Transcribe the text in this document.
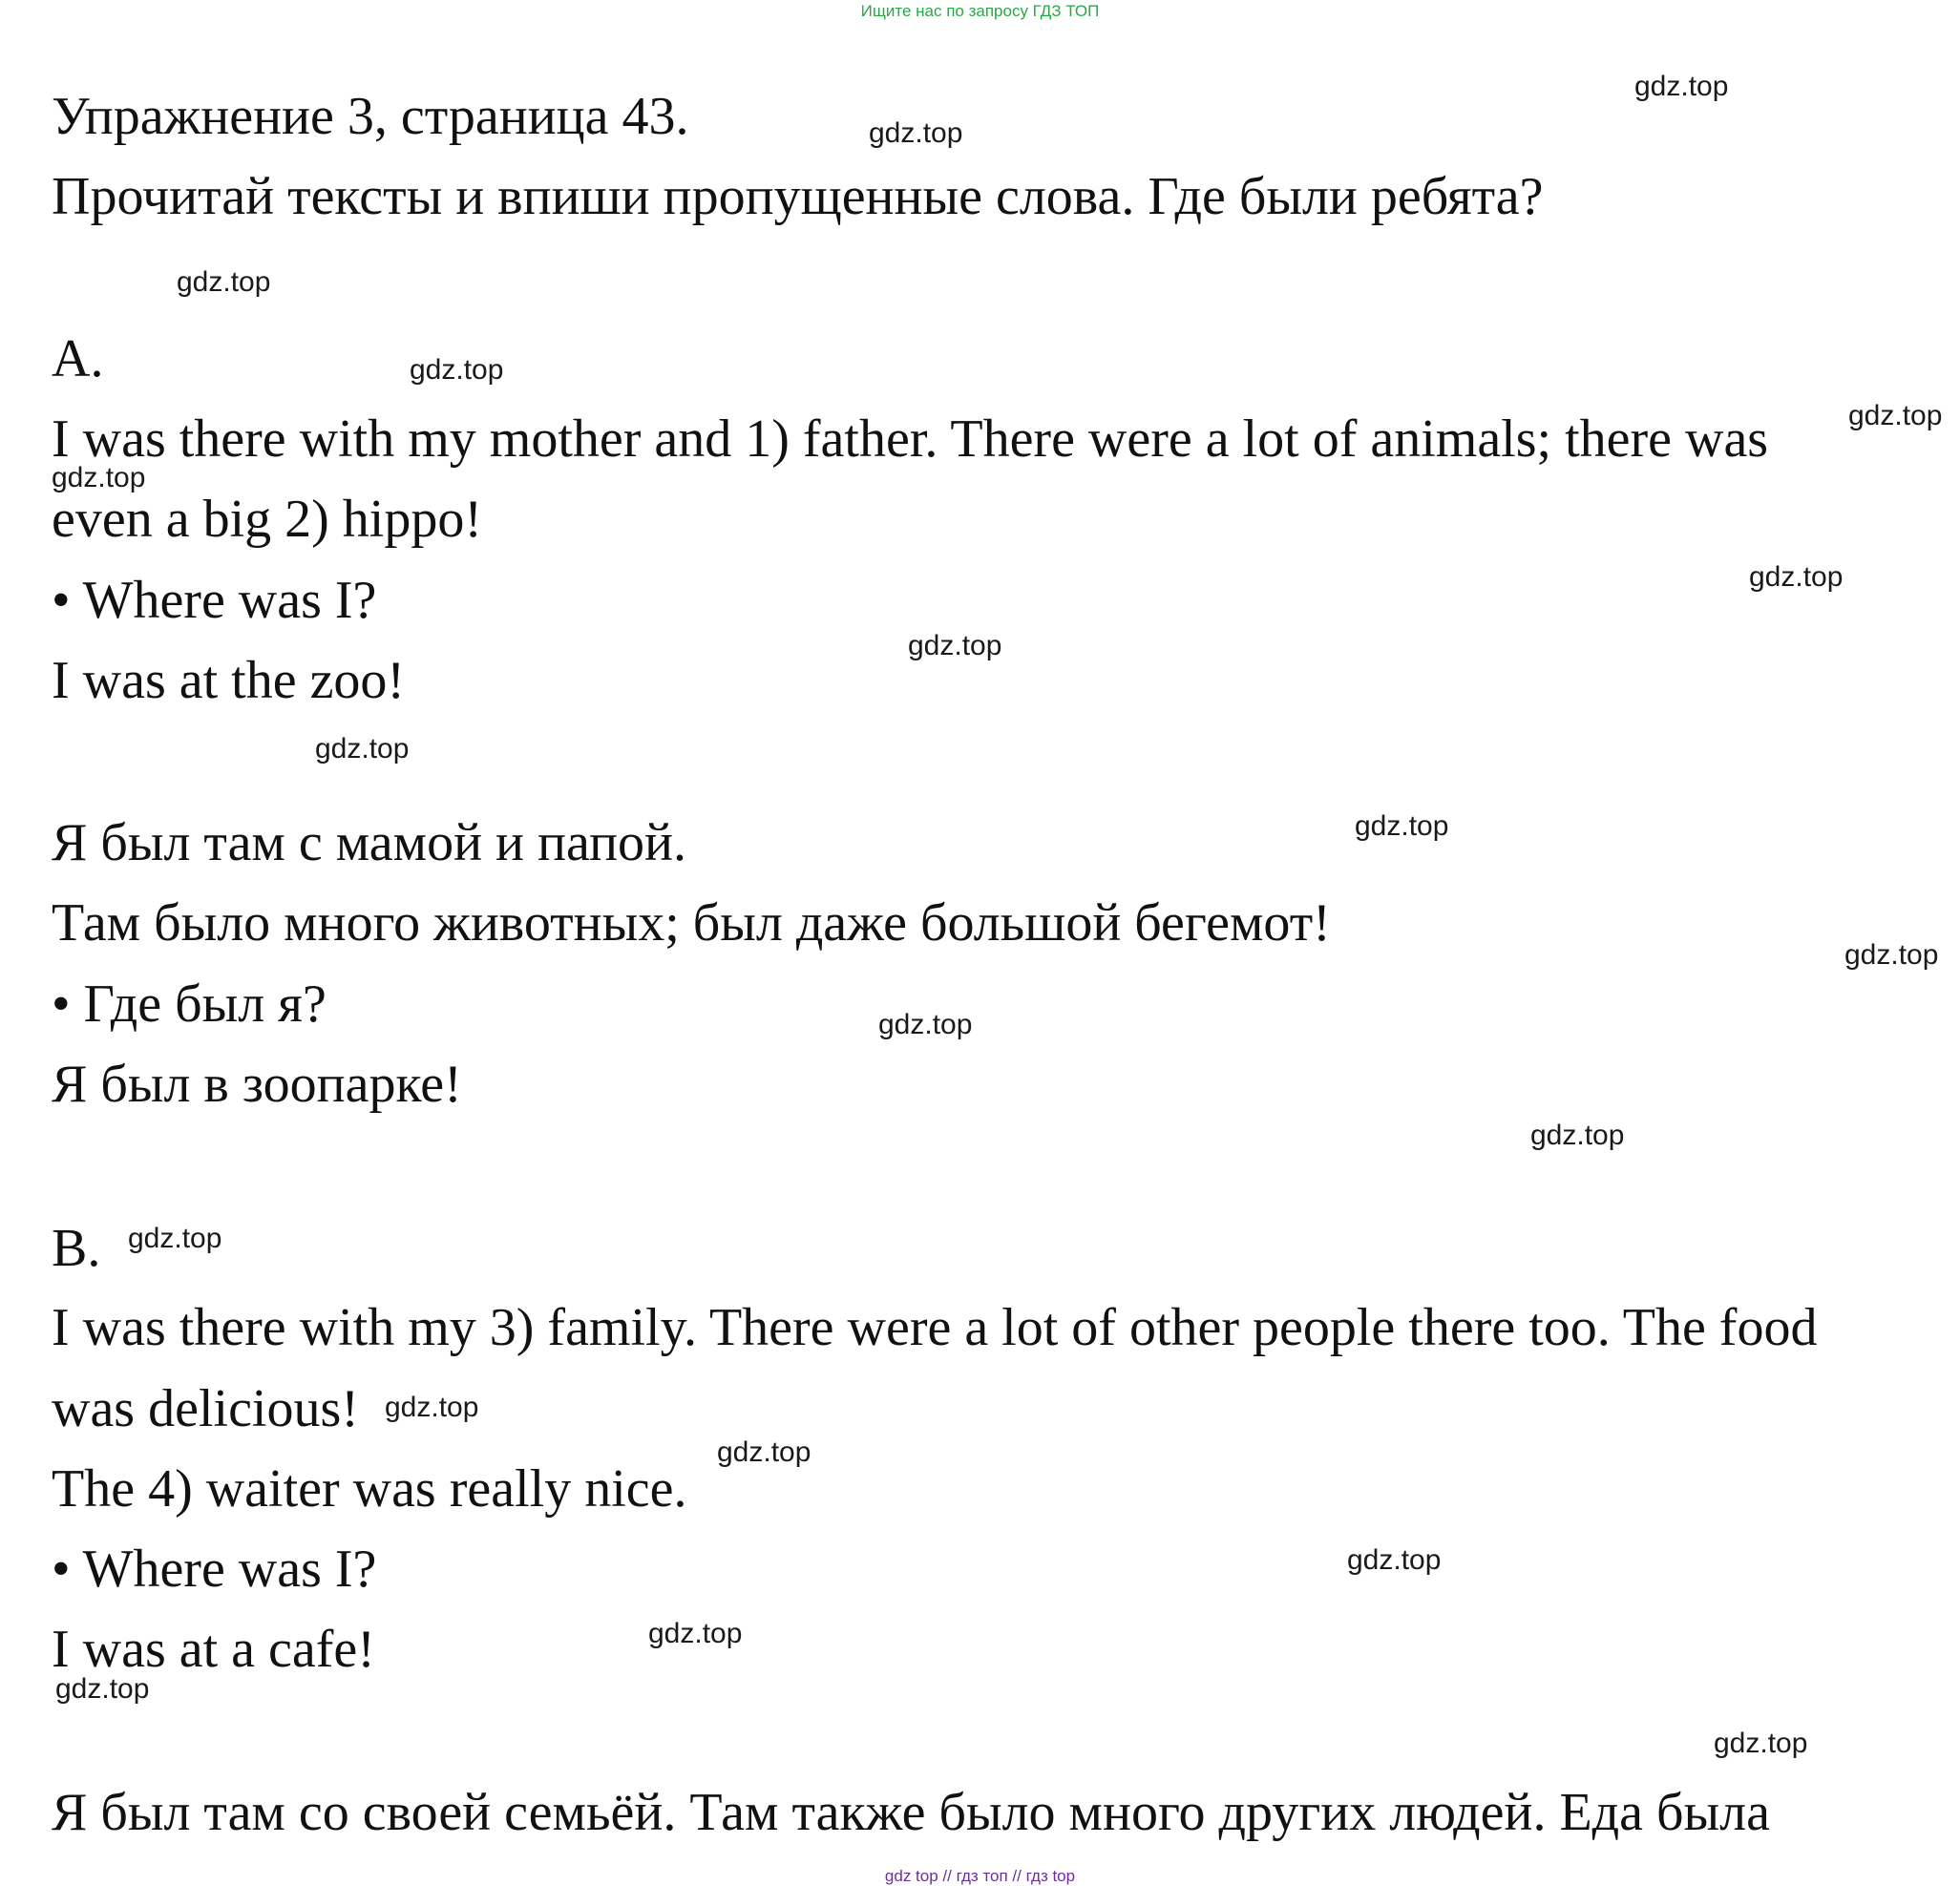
Ищите нас по запросу ГДЗ ТОП
Упражнение 3, страница 43.
Прочитай тексты и впиши пропущенные слова. Где были ребята?
A.
I was there with my mother and 1) father. There were a lot of animals; there was
even a big 2) hippo!
• Where was I?
I was at the zoo!
Я был там с мамой и папой.
Там было много животных; был даже большой бегемот!
• Где был я?
Я был в зоопарке!
B.
I was there with my 3) family. There were a lot of other people there too. The food
was delicious!
The 4) waiter was really nice.
• Where was I?
I was at a cafe!
Я был там со своей семьёй. Там также было много других людей. Еда была
gdz.top
gdz.top
gdz.top
gdz.top
gdz.top
gdz.top
gdz.top
gdz.top
gdz.top
gdz.top
gdz.top
gdz.top
gdz.top
gdz.top
gdz.top
gdz.top
gdz.top
gdz.top
gdz.top
gdz.top
gdz top // гдз топ // гдз top
